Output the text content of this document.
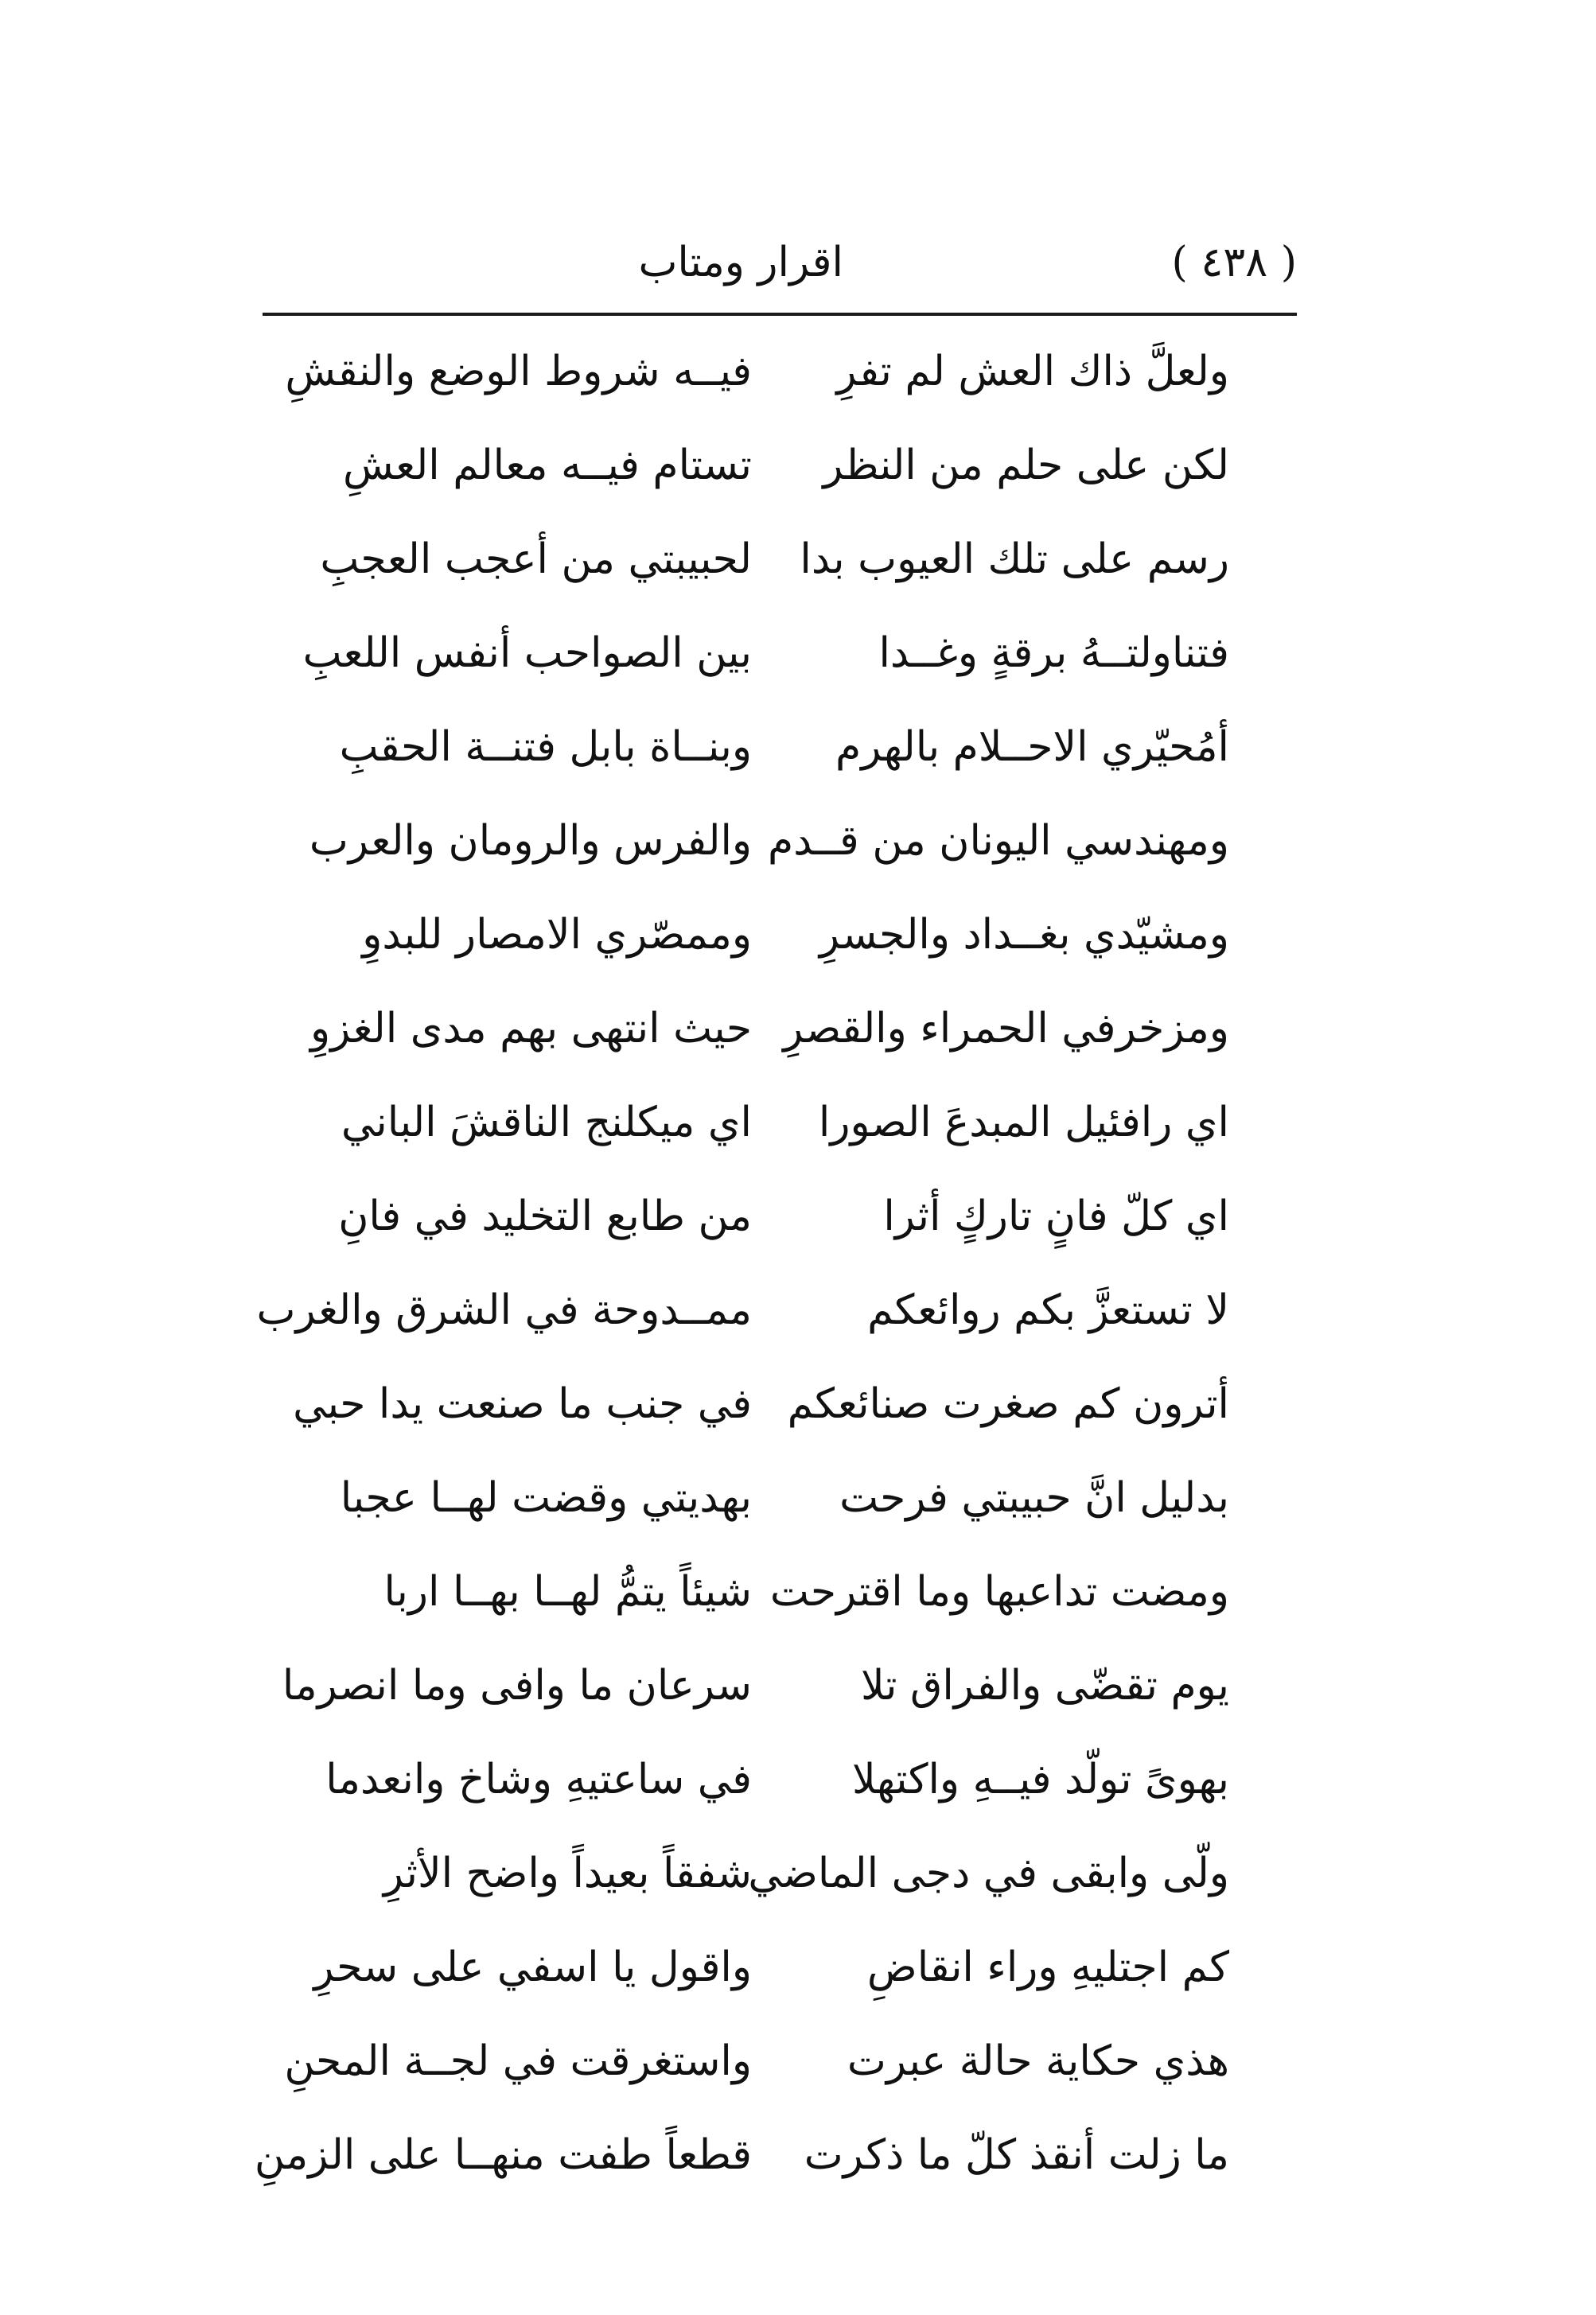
( ٤٣٨ )
اقرار ومتاب
ولعلَّ ذاك العش لم تفرِ
فيــه شروط الوضع والنقشِ
لكن على حلم من النظر
تستام فيــه معالم العشِ
رسم على تلك العيوب بدا
لحبيبتي من أعجب العجبِ
فتناولتــهُ برقةٍ وغــدا
بين الصواحب أنفس اللعبِ
أمُحيّري الاحــلام بالهرم
وبنــاة بابل فتنــة الحقبِ
ومهندسي اليونان من قــدم
والفرس والرومان والعرب
ومشيّدي بغــداد والجسرِ
وممصّري الامصار للبدوِ
ومزخرفي الحمراء والقصرِ
حيث انتهى بهم مدى الغزوِ
اي رافئيل المبدعَ الصورا
اي ميكلنج الناقشَ الباني
اي كلّ فانٍ تاركٍ أثرا
من طابع التخليد في فانِ
لا تستعزَّ بكم روائعكم
ممــدوحة في الشرق والغرب
أترون كم صغرت صنائعكم
في جنب ما صنعت يدا حبي
بدليل انَّ حبيبتي فرحت
بهديتي وقضت لهــا عجبا
ومضت تداعبها وما اقترحت
شيئاً يتمُّ لهــا بهــا اربا
يوم تقضّى والفراق تلا
سرعان ما وافى وما انصرما
بهوىً تولّد فيــهِ واكتهلا
في ساعتيهِ وشاخ وانعدما
ولّى وابقى في دجى الماضي
شفقاً بعيداً واضح الأثرِ
كم اجتليهِ وراء انقاضِ
واقول يا اسفي على سحرِ
هذي حكاية حالة عبرت
واستغرقت في لجــة المحنِ
ما زلت أنقذ كلّ ما ذكرت
قطعاً طفت منهــا على الزمنِ
